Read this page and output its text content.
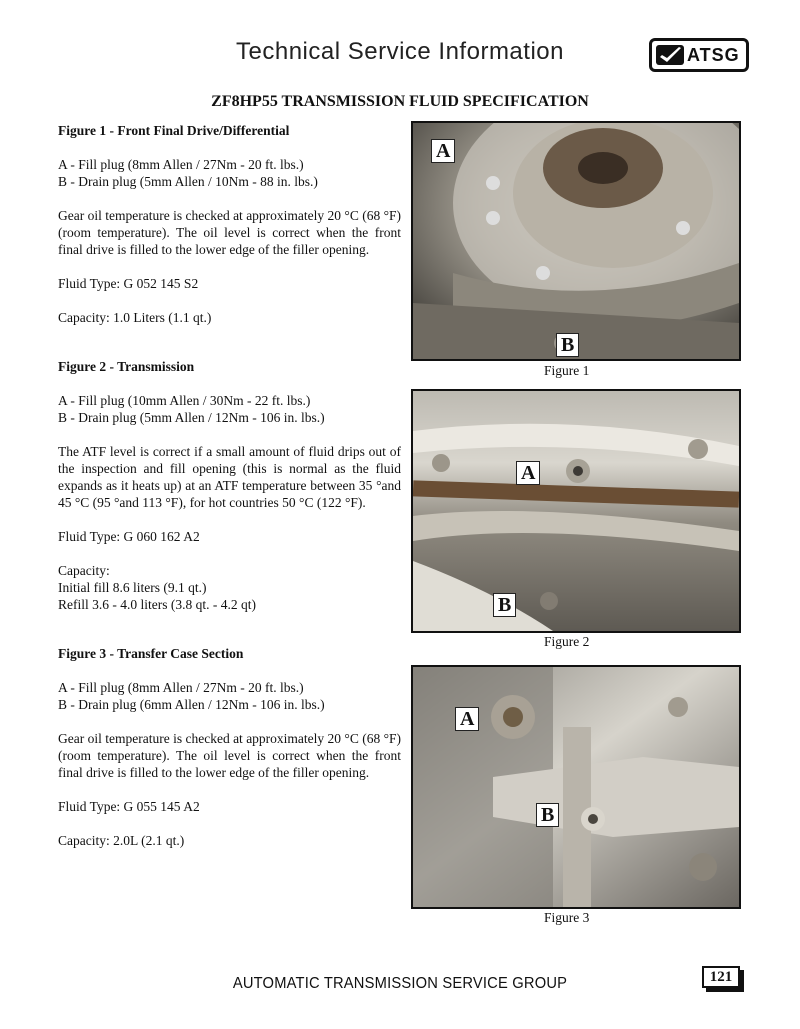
Technical Service Information	ATSG
ZF8HP55 TRANSMISSION FLUID SPECIFICATION

Figure 1 - Front Final Drive/Differential

A - Fill plug (8mm Allen / 27Nm - 20 ft. lbs.)
B - Drain plug (5mm Allen / 10Nm - 88 in. lbs.)

Gear oil temperature is checked at approximately 20 °C (68 °F) (room temperature). The oil level is correct when the front final drive is filled to the lower edge of the filler opening.

Fluid Type: G 052 145 S2

Capacity: 1.0 Liters (1.1 qt.)

Figure 2 - Transmission

A - Fill plug (10mm Allen / 30Nm - 22 ft. lbs.)
B - Drain plug (5mm Allen / 12Nm - 106 in. lbs.)

The ATF level is correct if a small amount of fluid drips out of the inspection and fill opening (this is normal as the fluid expands as it heats up) at an ATF temperature between 35 °and 45 °C (95 °and 113 °F), for hot countries 50 °C (122 °F).

Fluid Type: G 060 162 A2

Capacity:
Initial fill 8.6 liters (9.1 qt.)
Refill 3.6 - 4.0 liters (3.8 qt. - 4.2 qt)

Figure 3 - Transfer Case Section

A - Fill plug (8mm Allen / 27Nm - 20 ft. lbs.)
B - Drain plug (6mm Allen / 12Nm - 106 in. lbs.)

Gear oil temperature is checked at approximately 20 °C (68 °F) (room temperature). The oil level is correct when the front final drive is filled to the lower edge of the filler opening.

Fluid Type: G 055 145 A2

Capacity: 2.0L (2.1 qt.)

A
B
Figure 1
A
B
Figure 2
A
B
Figure 3
AUTOMATIC TRANSMISSION SERVICE GROUP	121
